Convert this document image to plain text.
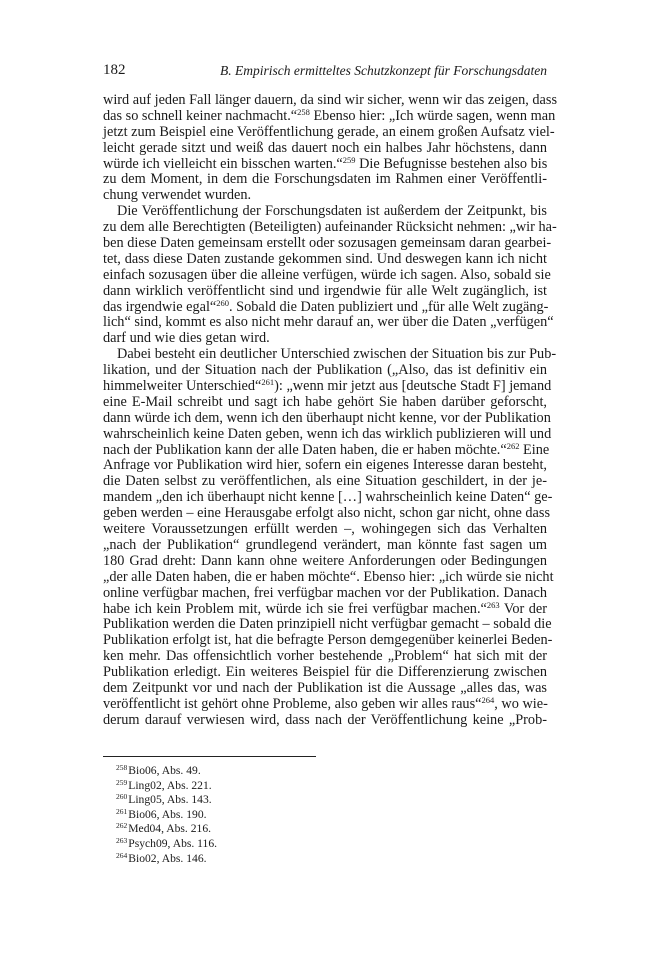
182	B. Empirisch ermitteltes Schutzkonzept für Forschungsdaten
wird auf jeden Fall länger dauern, da sind wir sicher, wenn wir das zeigen, dass
das so schnell keiner nachmacht.“$^{258}$ Ebenso hier: „Ich würde sagen, wenn man
jetzt zum Beispiel eine Veröffentlichung gerade, an einem großen Aufsatz viel-
leicht gerade sitzt und weiß das dauert noch ein halbes Jahr höchstens, dann
würde ich vielleicht ein bisschen warten.“$^{259}$ Die Befugnisse bestehen also bis
zu dem Moment, in dem die Forschungsdaten im Rahmen einer Veröffentli-
chung verwendet wurden.
Die Veröffentlichung der Forschungsdaten ist außerdem der Zeitpunkt, bis
zu dem alle Berechtigten (Beteiligten) aufeinander Rücksicht nehmen: „wir ha-
ben diese Daten gemeinsam erstellt oder sozusagen gemeinsam daran gearbei-
tet, dass diese Daten zustande gekommen sind. Und deswegen kann ich nicht
einfach sozusagen über die alleine verfügen, würde ich sagen. Also, sobald sie
dann wirklich veröffentlicht sind und irgendwie für alle Welt zugänglich, ist
das irgendwie egal“$^{260}$. Sobald die Daten publiziert und „für alle Welt zugäng-
lich“ sind, kommt es also nicht mehr darauf an, wer über die Daten „verfügen“
darf und wie dies getan wird.
Dabei besteht ein deutlicher Unterschied zwischen der Situation bis zur Pub-
likation, und der Situation nach der Publikation („Also, das ist definitiv ein
himmelweiter Unterschied“$^{261}$): „wenn mir jetzt aus [deutsche Stadt F] jemand
eine E-Mail schreibt und sagt ich habe gehört Sie haben darüber geforscht,
dann würde ich dem, wenn ich den überhaupt nicht kenne, vor der Publikation
wahrscheinlich keine Daten geben, wenn ich das wirklich publizieren will und
nach der Publikation kann der alle Daten haben, die er haben möchte.“$^{262}$ Eine
Anfrage vor Publikation wird hier, sofern ein eigenes Interesse daran besteht,
die Daten selbst zu veröffentlichen, als eine Situation geschildert, in der je-
mandem „den ich überhaupt nicht kenne […] wahrscheinlich keine Daten“ ge-
geben werden – eine Herausgabe erfolgt also nicht, schon gar nicht, ohne dass
weitere Voraussetzungen erfüllt werden –, wohingegen sich das Verhalten
„nach der Publikation“ grundlegend verändert, man könnte fast sagen um
180 Grad dreht: Dann kann ohne weitere Anforderungen oder Bedingungen
„der alle Daten haben, die er haben möchte“. Ebenso hier: „ich würde sie nicht
online verfügbar machen, frei verfügbar machen vor der Publikation. Danach
habe ich kein Problem mit, würde ich sie frei verfügbar machen.“$^{263}$ Vor der
Publikation werden die Daten prinzipiell nicht verfügbar gemacht – sobald die
Publikation erfolgt ist, hat die befragte Person demgegenüber keinerlei Beden-
ken mehr. Das offensichtlich vorher bestehende „Problem“ hat sich mit der
Publikation erledigt. Ein weiteres Beispiel für die Differenzierung zwischen
dem Zeitpunkt vor und nach der Publikation ist die Aussage „alles das, was
veröffentlicht ist gehört ohne Probleme, also geben wir alles raus“$^{264}$, wo wie-
derum darauf verwiesen wird, dass nach der Veröffentlichung keine „Prob-
$^{258}$Bio06, Abs. 49.
$^{259}$Ling02, Abs. 221.
$^{260}$Ling05, Abs. 143.
$^{261}$Bio06, Abs. 190.
$^{262}$Med04, Abs. 216.
$^{263}$Psych09, Abs. 116.
$^{264}$Bio02, Abs. 146.
